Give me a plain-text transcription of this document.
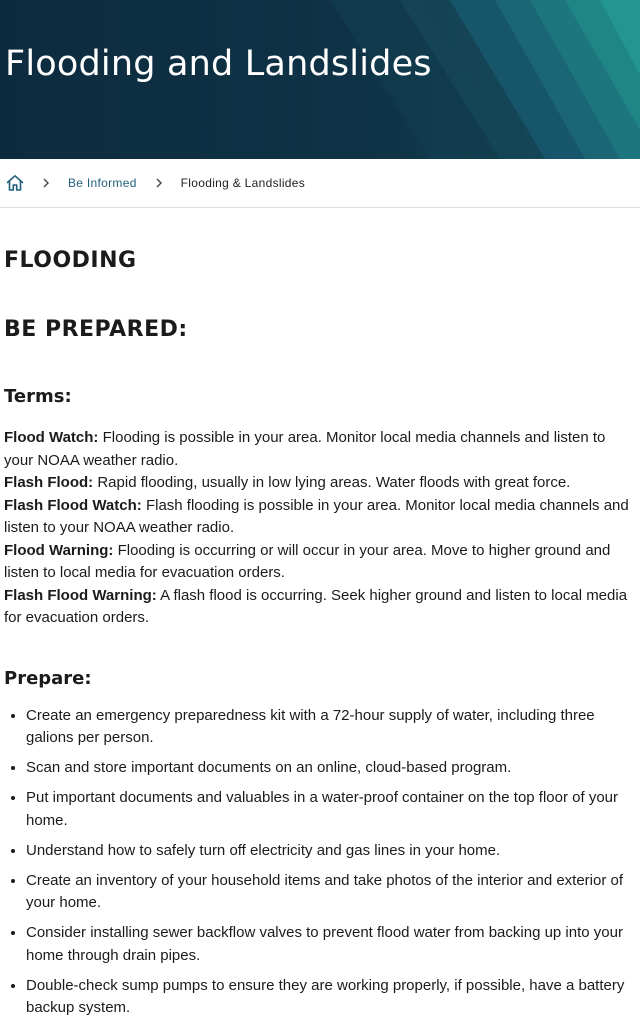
Flooding and Landslides
Be Informed	Flooding & Landslides
FLOODING
BE PREPARED:
Terms:

Flood Watch: Flooding is possible in your area. Monitor local media channels and listen to your NOAA weather radio.

Flash Flood: Rapid flooding, usually in low lying areas. Water floods with great force.

Flash Flood Watch: Flash flooding is possible in your area. Monitor local media channels and listen to your NOAA weather radio.

Flood Warning: Flooding is occurring or will occur in your area. Move to higher ground and listen to local media for evacuation orders.

Flash Flood Warning: A flash flood is occurring. Seek higher ground and listen to local media for evacuation orders.

Prepare:
• Create an emergency preparedness kit with a 72-hour supply of water, including three galions per person.
• Scan and store important documents on an online, cloud-based program.
• Put important documents and valuables in a water-proof container on the top floor of your home.
• Understand how to safely turn off electricity and gas lines in your home.
• Create an inventory of your household items and take photos of the interior and exterior of your home.
• Consider installing sewer backflow valves to prevent flood water from backing up into your home through drain pipes.
• Double-check sump pumps to ensure they are working properly, if possible, have a battery backup system.
